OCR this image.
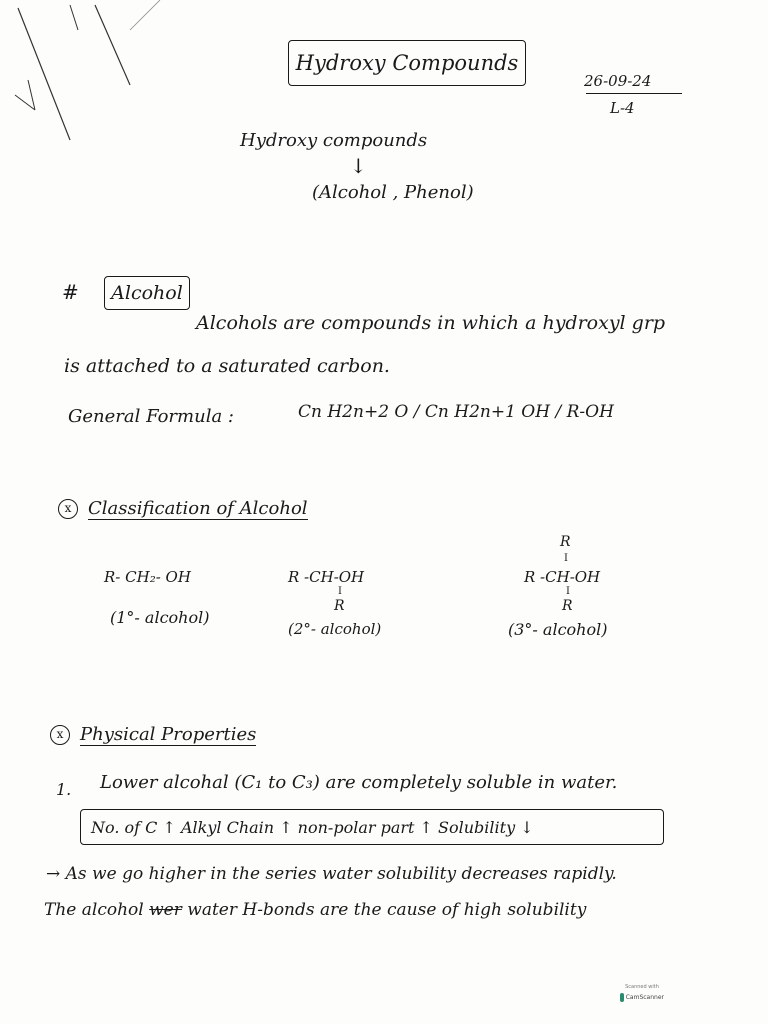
Hydroxy Compounds
26-09-24
L-4
Hydroxy compounds
↓
(Alcohol , Phenol)
#	Alcohol
Alcohols are compounds in which a hydroxyl grp
is attached to a saturated carbon.
General Formula :	Cn H2n+2 O / Cn H2n+1 OH / R-OH
x Classification of Alcohol
R- CH₂- OH
(1°- alcohol)
R -CH-OH
I
R
(2°- alcohol)
R
I
R -CH-OH
I
R
(3°- alcohol)
x Physical Properties
1. Lower alcohal (C₁ to C₃) are completely soluble in water.
No. of C ↑ Alkyl Chain ↑ non-polar part ↑ Solubility ↓
→ As we go higher in the series water solubility decreases rapidly.
The alcohol wer water H-bonds are the cause of high solubility
Scanned with
CamScanner
